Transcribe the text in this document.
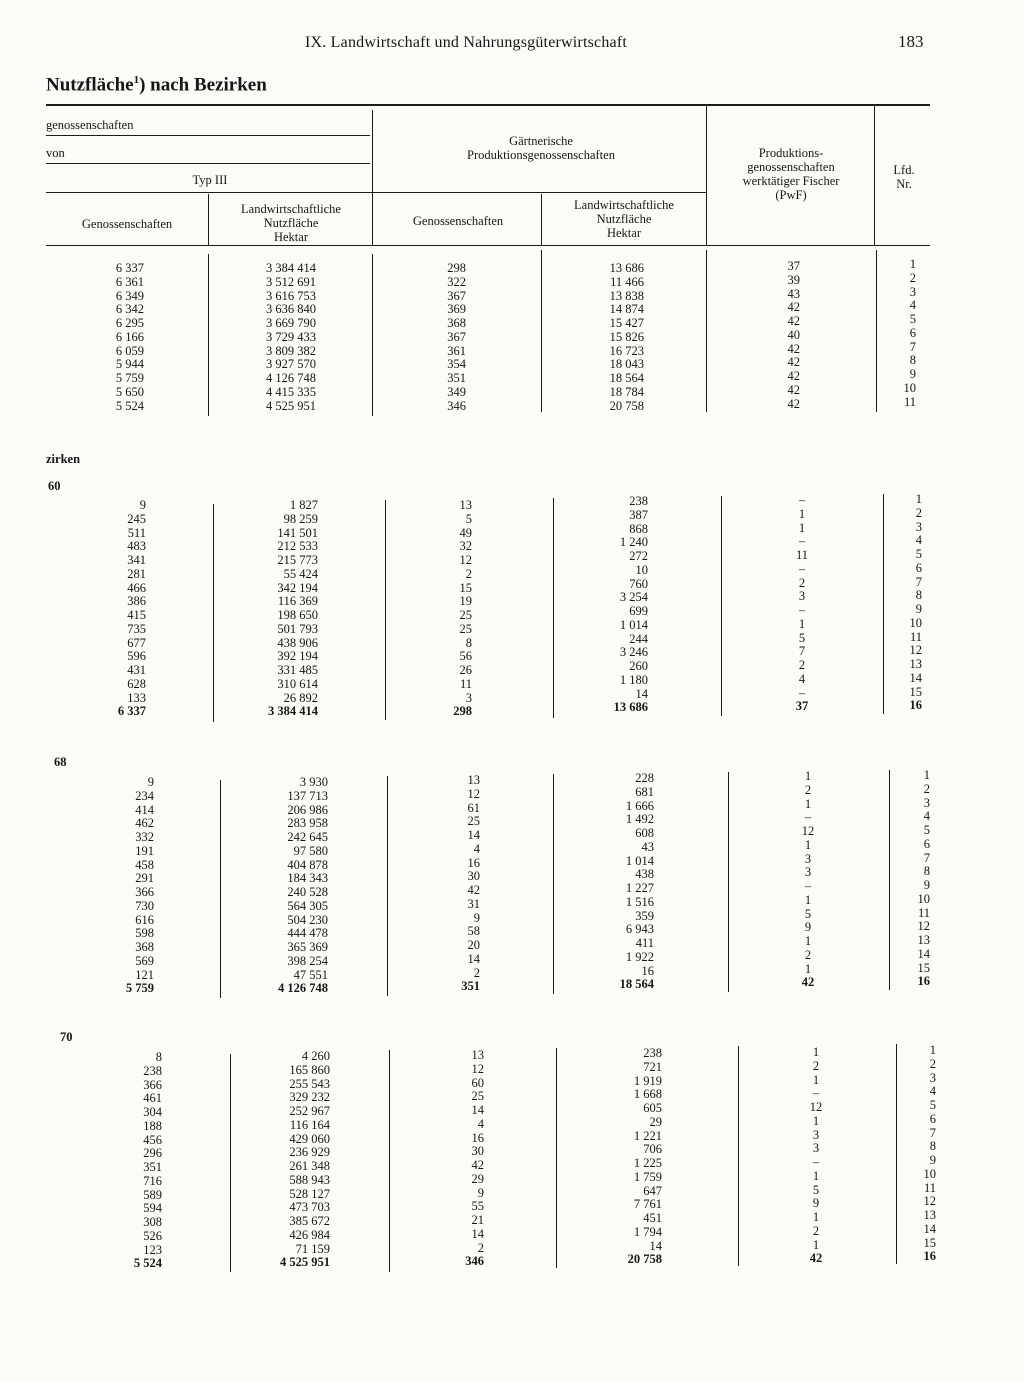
IX. Landwirtschaft und Nahrungsgüterwirtschaft	183
Nutzfläche$^1$) nach Bezirken
genossenschaften
von
Typ III
Genossenschaften
Landwirtschaftliche
Nutzfläche
Hektar
Gärtnerische
Produktionsgenossenschaften
Genossenschaften
Landwirtschaftliche
Nutzfläche
Hektar
Produktions-
genossenschaften
werktätiger Fischer
(PwF)
Lfd.
Nr.
6 337
6 361
6 349
6 342
6 295
6 166
6 059
5 944
5 759
5 650
5 524
3 384 414
3 512 691
3 616 753
3 636 840
3 669 790
3 729 433
3 809 382
3 927 570
4 126 748
4 415 335
4 525 951
298
322
367
369
368
367
361
354
351
349
346
13 686
11 466
13 838
14 874
15 427
15 826
16 723
18 043
18 564
18 784
20 758
37
39
43
42
42
40
42
42
42
42
42
1
2
3
4
5
6
7
8
9
10
11
zirken
60
9
245
511
483
341
281
466
386
415
735
677
596
431
628
133
6 337
1 827
98 259
141 501
212 533
215 773
55 424
342 194
116 369
198 650
501 793
438 906
392 194
331 485
310 614
26 892
3 384 414
13
5
49
32
12
2
15
19
25
25
8
56
26
11
3
298
238
387
868
1 240
272
10
760
3 254
699
1 014
244
3 246
260
1 180
14
13 686
–
1
1
–
11
–
2
3
–
1
5
7
2
4
–
37
1
2
3
4
5
6
7
8
9
10
11
12
13
14
15
16
68
9
234
414
462
332
191
458
291
366
730
616
598
368
569
121
5 759
3 930
137 713
206 986
283 958
242 645
97 580
404 878
184 343
240 528
564 305
504 230
444 478
365 369
398 254
47 551
4 126 748
13
12
61
25
14
4
16
30
42
31
9
58
20
14
2
351
228
681
1 666
1 492
608
43
1 014
438
1 227
1 516
359
6 943
411
1 922
16
18 564
1
2
1
–
12
1
3
3
–
1
5
9
1
2
1
42
1
2
3
4
5
6
7
8
9
10
11
12
13
14
15
16
70
8
238
366
461
304
188
456
296
351
716
589
594
308
526
123
5 524
4 260
165 860
255 543
329 232
252 967
116 164
429 060
236 929
261 348
588 943
528 127
473 703
385 672
426 984
71 159
4 525 951
13
12
60
25
14
4
16
30
42
29
9
55
21
14
2
346
238
721
1 919
1 668
605
29
1 221
706
1 225
1 759
647
7 761
451
1 794
14
20 758
1
2
1
–
12
1
3
3
–
1
5
9
1
2
1
42
1
2
3
4
5
6
7
8
9
10
11
12
13
14
15
16
